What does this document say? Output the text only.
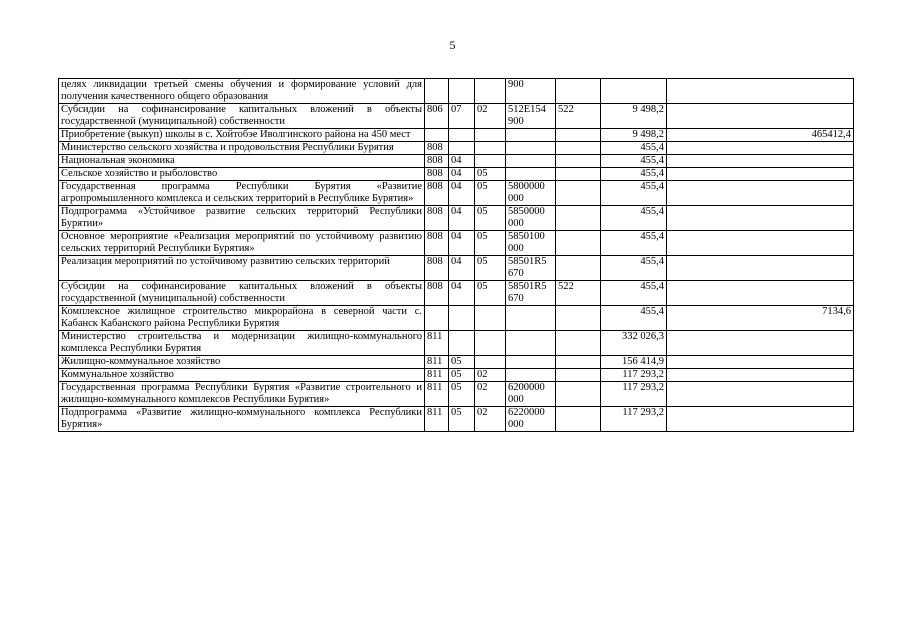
5
целях ликвидации третьей смены обучения и формирование условий для получения качественного общего образования				900			
Субсидии на софинансирование капитальных вложений в объекты государственной (муниципальной) собственности	806	07	02	512E154 900	522	9 498,2	
Приобретение (выкуп) школы в с. Хойтобэе Иволгинского района на 450 мест						9 498,2	465412,4
Министерство сельского хозяйства и продовольствия Республики Бурятия	808					455,4	
Национальная экономика	808	04				455,4	
Сельское хозяйство и рыболовство	808	04	05			455,4	
Государственная программа Республики Бурятия «Развитие агропромышленного комплекса и сельских территорий в Республике Бурятия»	808	04	05	5800000 000		455,4	
Подпрограмма «Устойчивое развитие сельских территорий Республики Бурятии»	808	04	05	5850000 000		455,4	
Основное мероприятие «Реализация мероприятий по устойчивому развитию сельских территорий Республики Бурятия»	808	04	05	5850100 000		455,4	
Реализация мероприятий по устойчивому развитию сельских территорий	808	04	05	58501R5 670		455,4	
Субсидии на софинансирование капитальных вложений в объекты государственной (муниципальной) собственности	808	04	05	58501R5 670	522	455,4	
Комплексное жилищное строительство микрорайона в северной части с. Кабанск Кабанского района Республики Бурятия						455,4	7134,6
Министерство строительства и модернизации жилищно-коммунального комплекса Республики Бурятия	811					332 026,3	
Жилищно-коммунальное хозяйство	811	05				156 414,9	
Коммунальное хозяйство	811	05	02			117 293,2	
Государственная программа Республики Бурятия «Развитие строительного и жилищно-коммунального комплексов Республики Бурятия»	811	05	02	6200000 000		117 293,2	
Подпрограмма «Развитие жилищно-коммунального комплекса Республики Бурятия»	811	05	02	6220000 000		117 293,2	
